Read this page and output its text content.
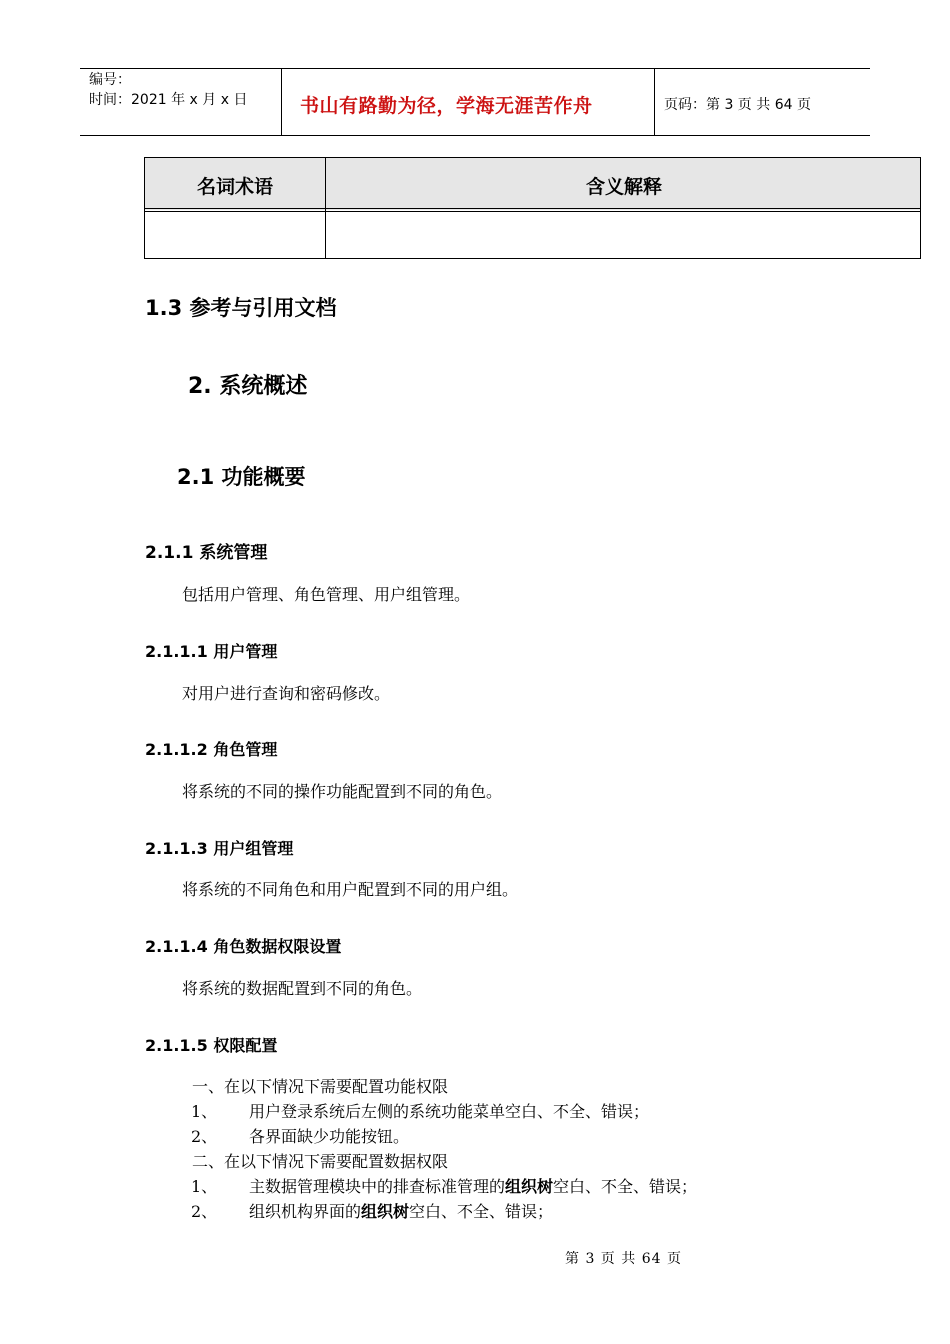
编号：
时间：2021 年 x 月 x 日	书山有路勤为径，学海无涯苦作舟	页码：第 3 页 共 64 页
名词术语	含义解释
1.3 参考与引用文档
2. 系统概述
2.1 功能概要
2.1.1 系统管理
包括用户管理、角色管理、用户组管理。
2.1.1.1 用户管理
对用户进行查询和密码修改。
2.1.1.2 角色管理
将系统的不同的操作功能配置到不同的角色。
2.1.1.3 用户组管理
将系统的不同角色和用户配置到不同的用户组。
2.1.1.4 角色数据权限设置
将系统的数据配置到不同的角色。
2.1.1.5 权限配置
一、在以下情况下需要配置功能权限
1、 用户登录系统后左侧的系统功能菜单空白、不全、错误；
2、 各界面缺少功能按钮。
二、在以下情况下需要配置数据权限
1、 主数据管理模块中的排查标准管理的组织树空白、不全、错误；
2、 组织机构界面的组织树空白、不全、错误；
第 3 页 共 64 页
